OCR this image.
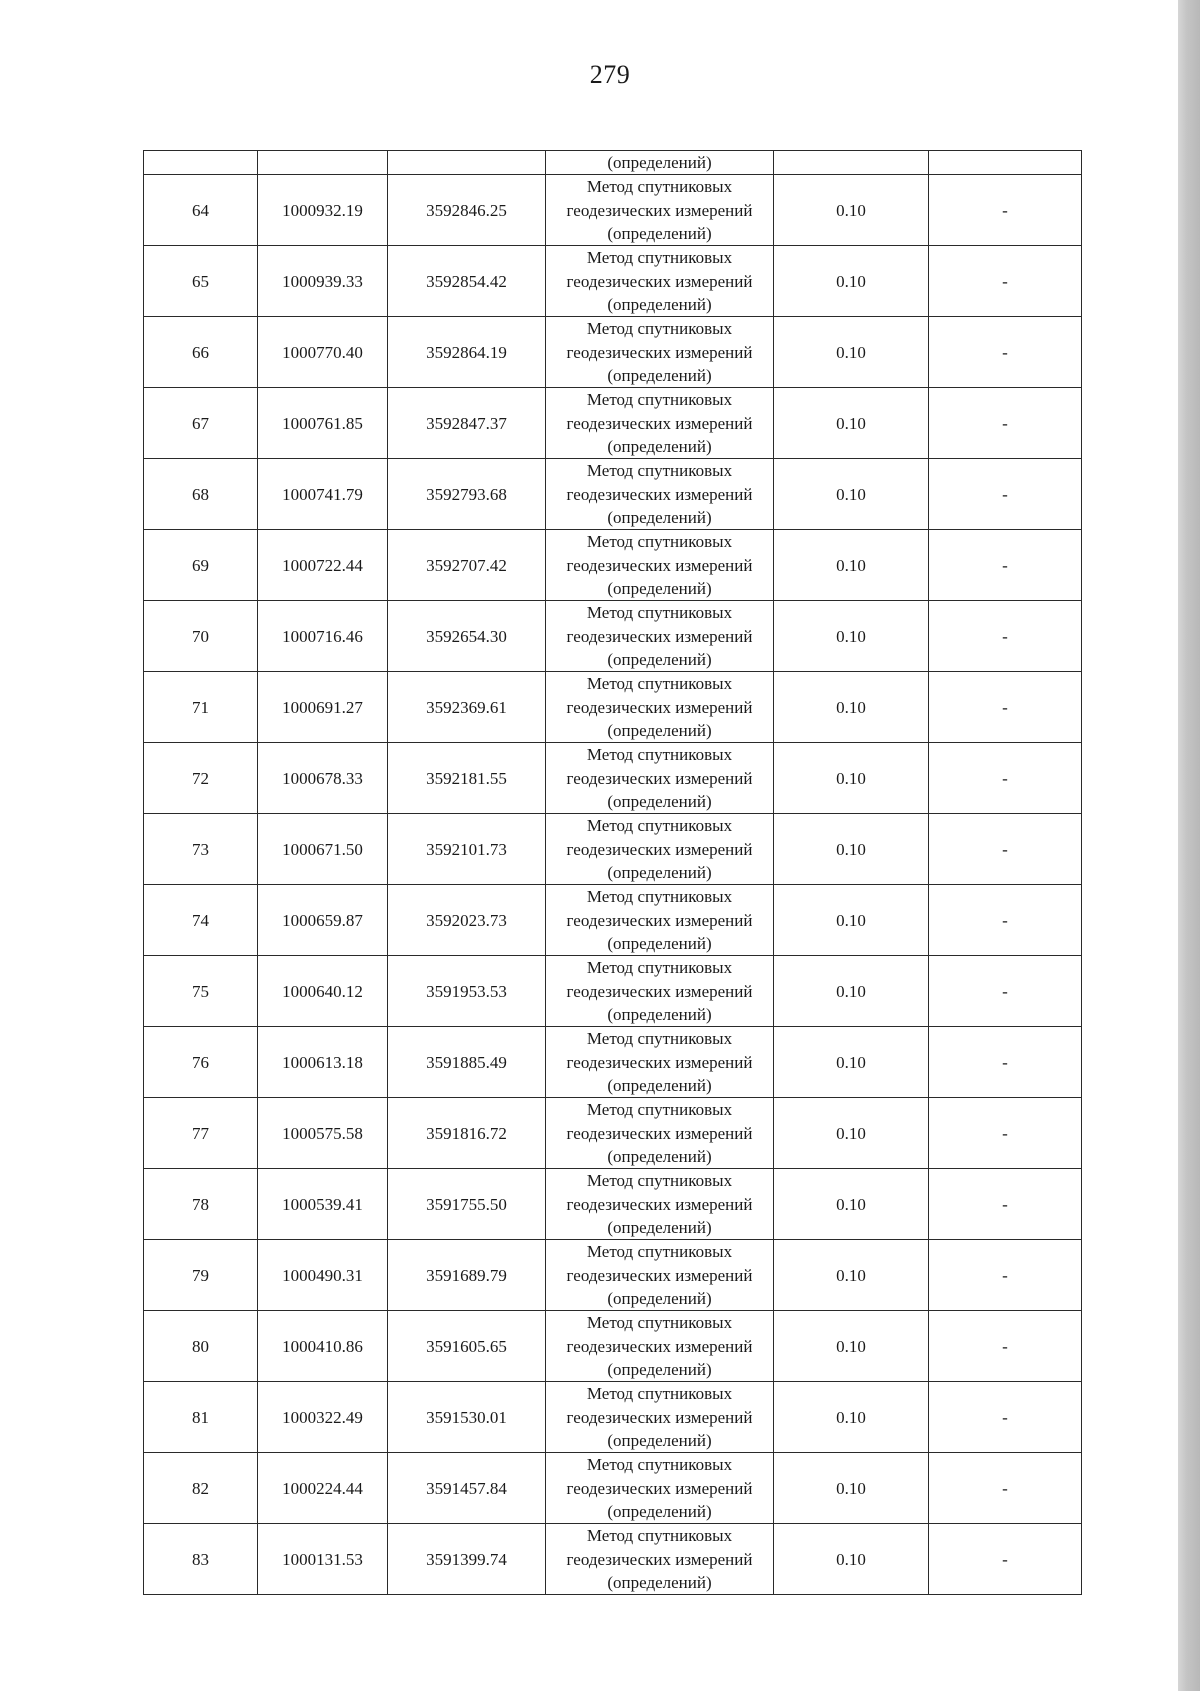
279
			(определений)		
64	1000932.19	3592846.25	Метод спутниковых
геодезических измерений
(определений)	0.10	-
65	1000939.33	3592854.42	Метод спутниковых
геодезических измерений
(определений)	0.10	-
66	1000770.40	3592864.19	Метод спутниковых
геодезических измерений
(определений)	0.10	-
67	1000761.85	3592847.37	Метод спутниковых
геодезических измерений
(определений)	0.10	-
68	1000741.79	3592793.68	Метод спутниковых
геодезических измерений
(определений)	0.10	-
69	1000722.44	3592707.42	Метод спутниковых
геодезических измерений
(определений)	0.10	-
70	1000716.46	3592654.30	Метод спутниковых
геодезических измерений
(определений)	0.10	-
71	1000691.27	3592369.61	Метод спутниковых
геодезических измерений
(определений)	0.10	-
72	1000678.33	3592181.55	Метод спутниковых
геодезических измерений
(определений)	0.10	-
73	1000671.50	3592101.73	Метод спутниковых
геодезических измерений
(определений)	0.10	-
74	1000659.87	3592023.73	Метод спутниковых
геодезических измерений
(определений)	0.10	-
75	1000640.12	3591953.53	Метод спутниковых
геодезических измерений
(определений)	0.10	-
76	1000613.18	3591885.49	Метод спутниковых
геодезических измерений
(определений)	0.10	-
77	1000575.58	3591816.72	Метод спутниковых
геодезических измерений
(определений)	0.10	-
78	1000539.41	3591755.50	Метод спутниковых
геодезических измерений
(определений)	0.10	-
79	1000490.31	3591689.79	Метод спутниковых
геодезических измерений
(определений)	0.10	-
80	1000410.86	3591605.65	Метод спутниковых
геодезических измерений
(определений)	0.10	-
81	1000322.49	3591530.01	Метод спутниковых
геодезических измерений
(определений)	0.10	-
82	1000224.44	3591457.84	Метод спутниковых
геодезических измерений
(определений)	0.10	-
83	1000131.53	3591399.74	Метод спутниковых
геодезических измерений
(определений)	0.10	-
